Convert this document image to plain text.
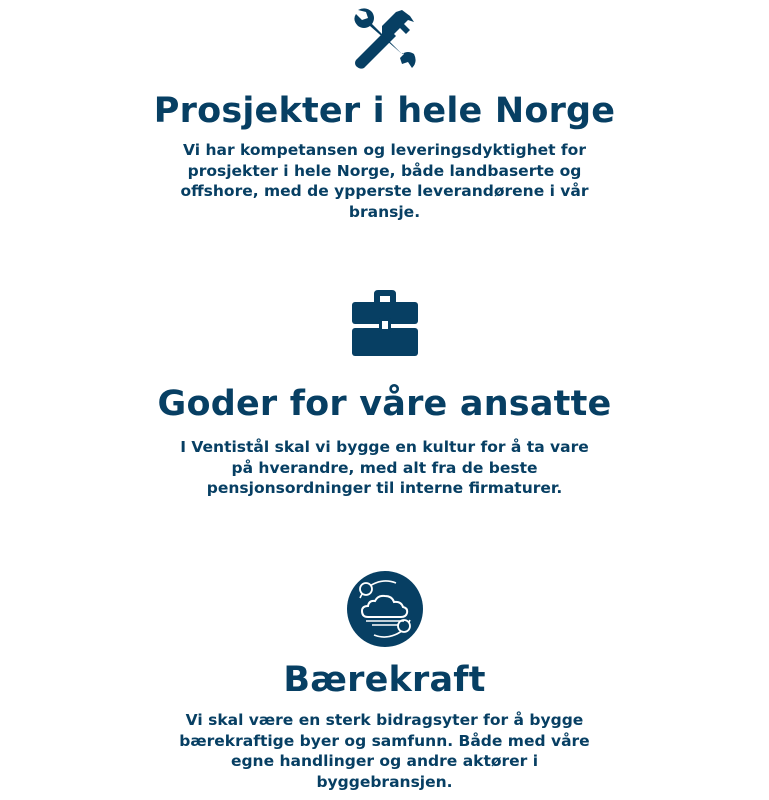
Prosjekter i hele Norge

Vi har kompetansen og leveringsdyktighet for prosjekter i hele Norge, både landbaserte og offshore, med de ypperste leverandørene i vår bransje.

Goder for våre ansatte

I Ventistål skal vi bygge en kultur for å ta vare på hverandre, med alt fra de beste pensjonsordninger til interne firmaturer.

Bærekraft

Vi skal være en sterk bidragsyter for å bygge bærekraftige byer og samfunn. Både med våre egne handlinger og andre aktører i byggebransjen.
